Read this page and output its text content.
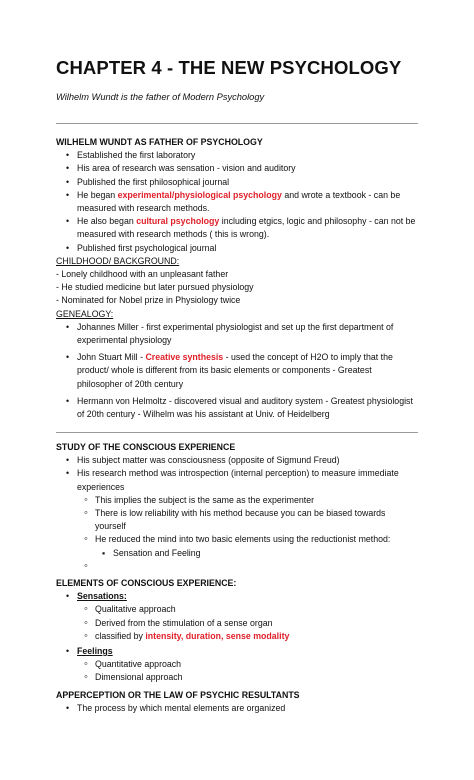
CHAPTER 4 - THE NEW PSYCHOLOGY
Wilhelm Wundt is the father of Modern Psychology
WILHELM WUNDT AS FATHER OF PSYCHOLOGY
•
Established the first laboratory
•
His area of research was sensation - vision and auditory
•
Published the first philosophical journal
•
He began experimental/physiological psychology and wrote a textbook - can be measured with research methods.
•
He also began cultural psychology including etgics, logic and philosophy - can not be measured with research methods ( this is wrong).
•
Published first psychological journal
CHILDHOOD/ BACKGROUND:
- Lonely childhood with an unpleasant father
- He studied medicine but later pursued physiology
- Nominated for Nobel prize in Physiology twice
GENEALOGY:
•
Johannes Miller - first experimental physiologist and set up the first department of experimental physiology
•
John Stuart Mill - Creative synthesis - used the concept of H2O to imply that the product/ whole is different from its basic elements or components - Greatest philosopher of 20th century
•
Hermann von Helmoltz - discovered visual and auditory system - Greatest physiologist of 20th century - Wilhelm was his assistant at Univ. of Heidelberg
STUDY OF THE CONSCIOUS EXPERIENCE
•
His subject matter was consciousness (opposite of Sigmund Freud)
•
His research method was introspection (internal perception) to measure immediate experiences
◦
This implies the subject is the same as the experimenter
◦
There is low reliability with his method because you can be biased towards yourself
◦
He reduced the mind into two basic elements using the reductionist method:
▪
Sensation and Feeling
◦

ELEMENTS OF CONSCIOUS EXPERIENCE:
•
Sensations:
◦
Qualitative approach
◦
Derived from the stimulation of a sense organ
◦
classified by intensity, duration, sense modality
•
Feelings
◦
Quantitative approach
◦
Dimensional approach
APPERCEPTION OR THE LAW OF PSYCHIC RESULTANTS
•
The process by which mental elements are organized
